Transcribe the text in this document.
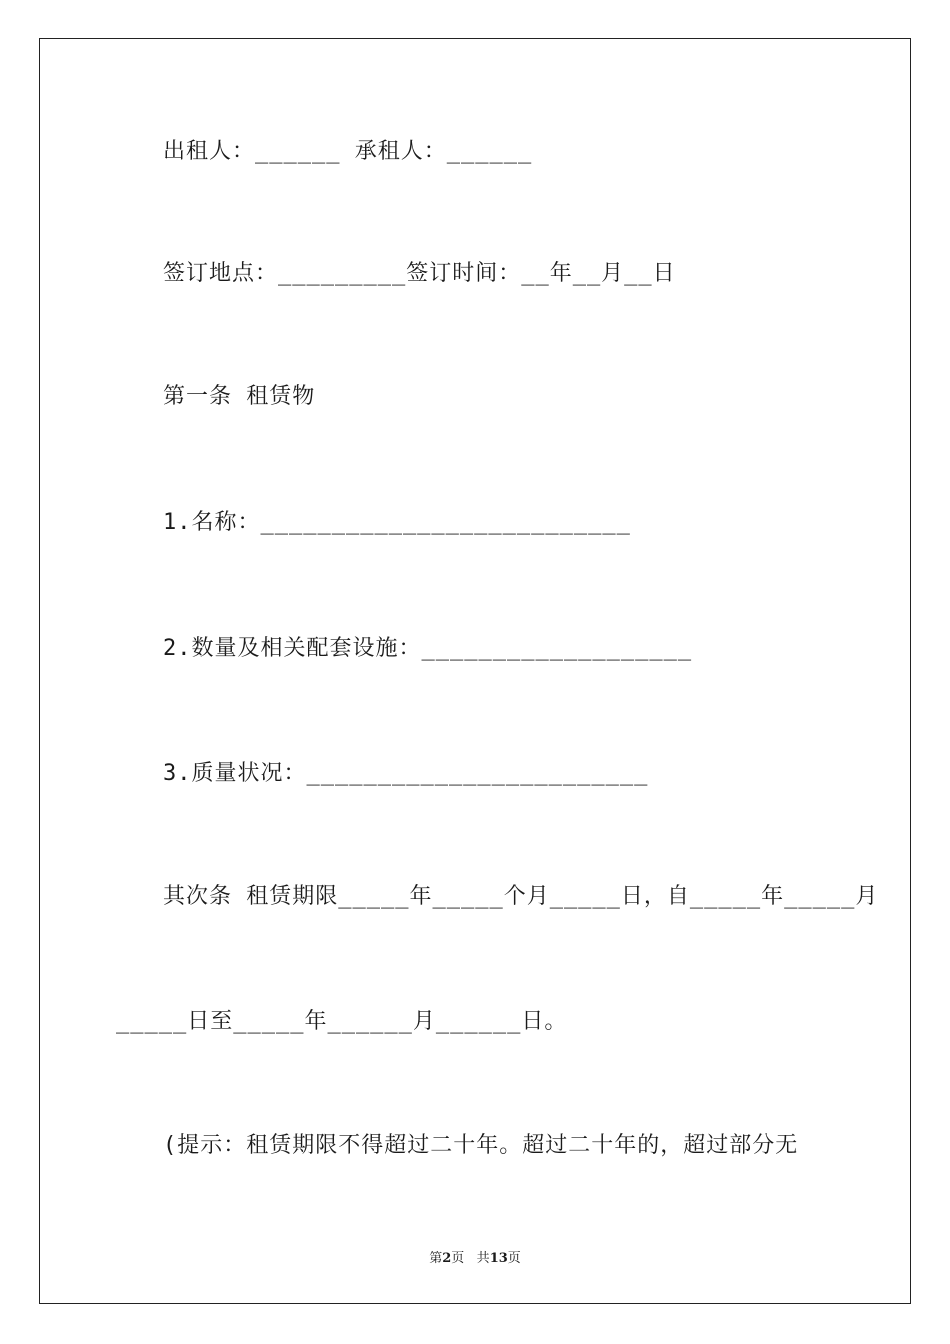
出租人：______ 承租人：______
签订地点：_________签订时间：__年__月__日
第一条 租赁物
1.名称：__________________________
2.数量及相关配套设施：___________________
3.质量状况：________________________
其次条 租赁期限_____年_____个月_____日，自_____年_____月
_____日至_____年______月______日。
(提示：租赁期限不得超过二十年。超过二十年的，超过部分无
第2页 共13页
